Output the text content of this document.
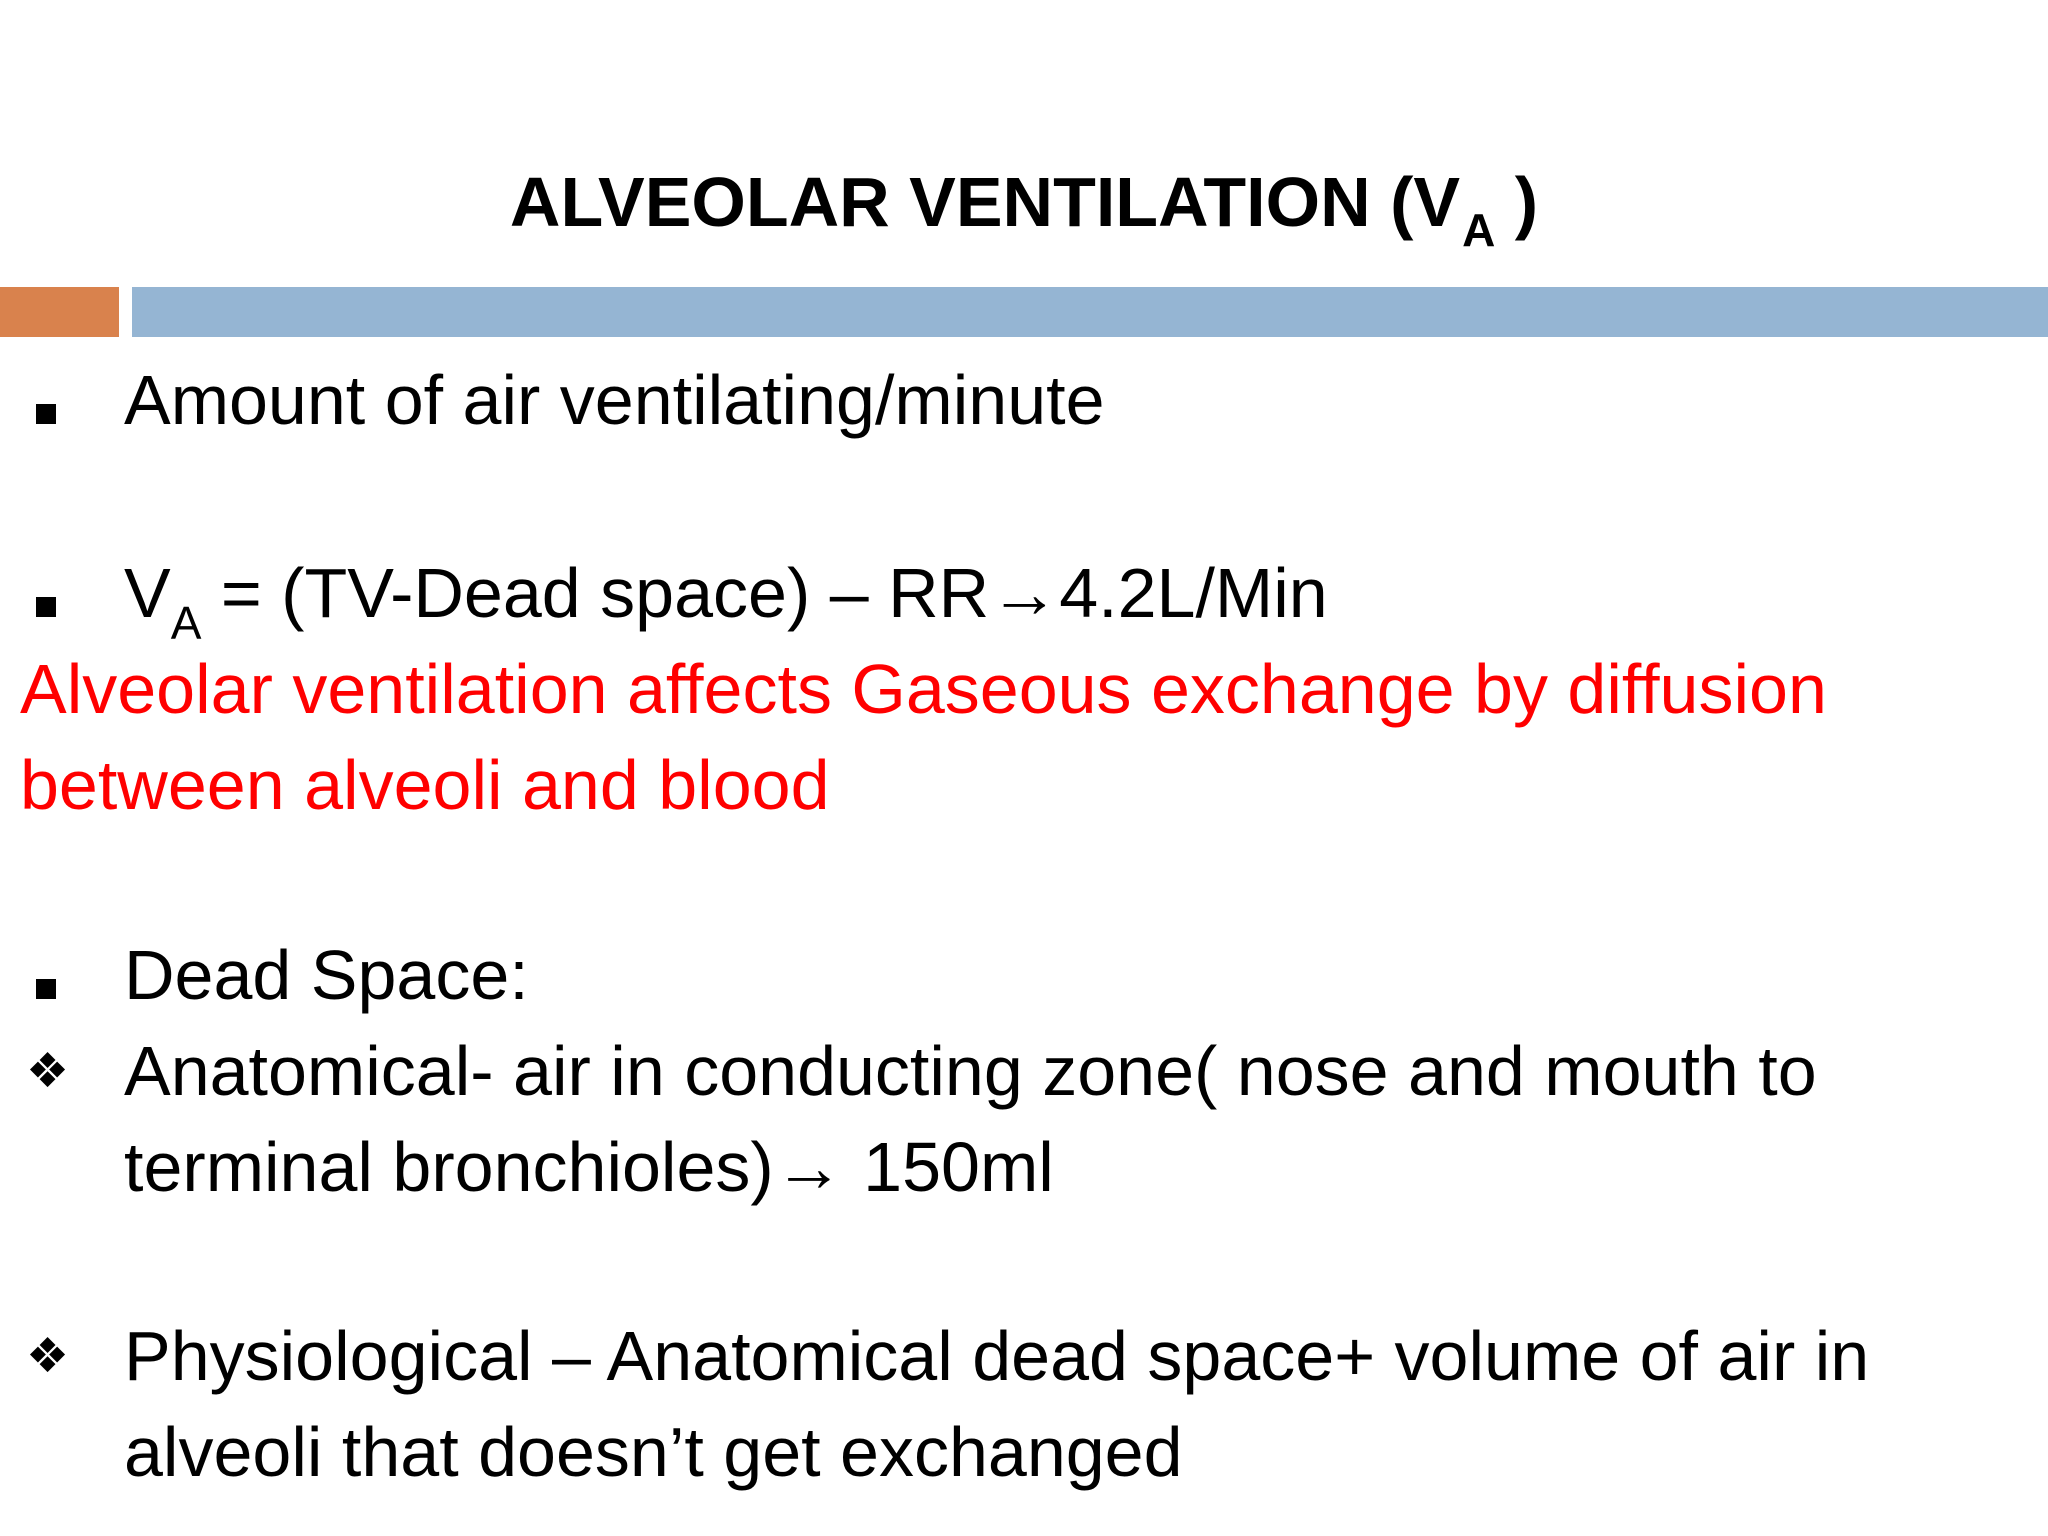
ALVEOLAR VENTILATION ($V_A$ )
Amount of air ventilating/minute
$V_A$ = (TV-Dead space) – RR→4.2L/Min
Alveolar ventilation affects Gaseous exchange by diffusion
between alveoli and blood
Dead Space:
❖ Anatomical- air in conducting zone( nose and mouth to
terminal bronchioles)→ 150ml
❖ Physiological – Anatomical dead space+ volume of air in
alveoli that doesn’t get exchanged
